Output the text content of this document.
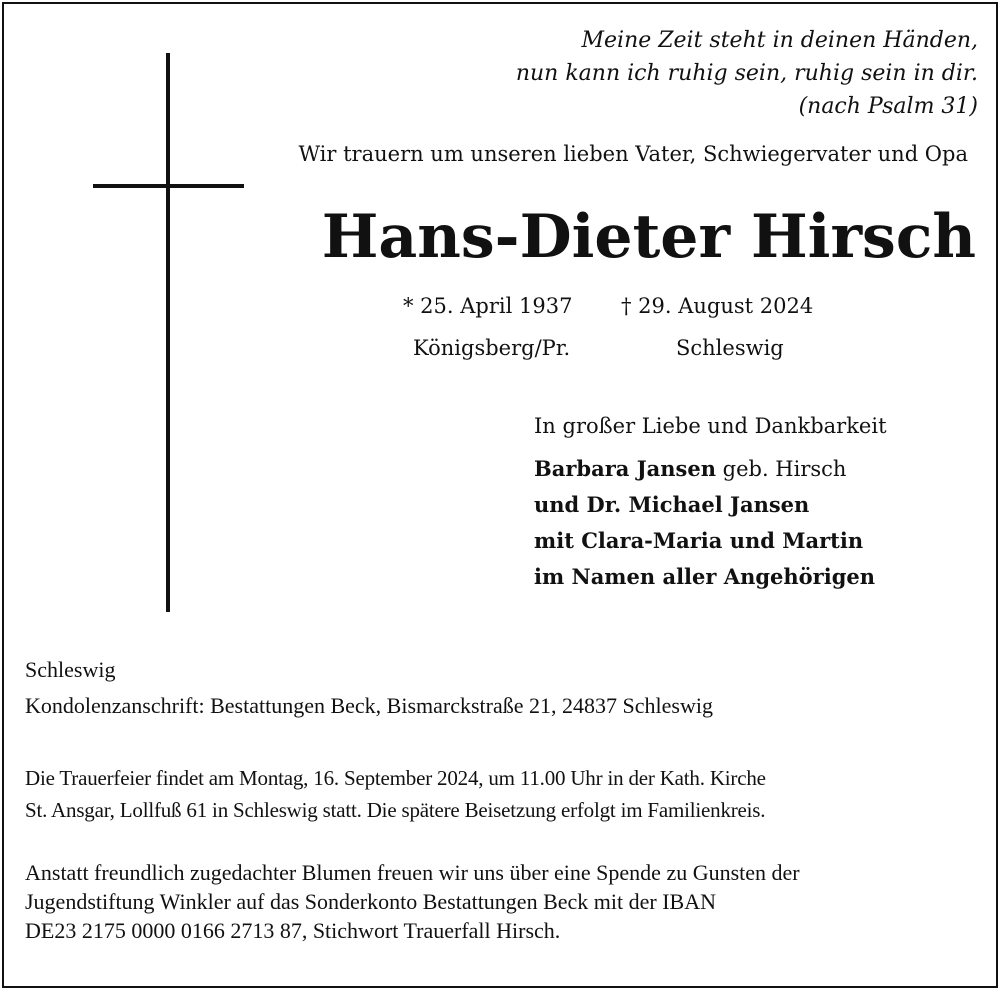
Meine Zeit steht in deinen Händen,
nun kann ich ruhig sein, ruhig sein in dir.
(nach Psalm 31)
Wir trauern um unseren lieben Vater, Schwiegervater und Opa
Hans-Dieter Hirsch
* 25. April 1937 † 29. August 2024
Königsberg/Pr.	Schleswig
In großer Liebe und Dankbarkeit
Barbara Jansen geb. Hirsch
und Dr. Michael Jansen
mit Clara-Maria und Martin
im Namen aller Angehörigen
Schleswig
Kondolenzanschrift: Bestattungen Beck, Bismarckstraße 21, 24837 Schleswig
Die Trauerfeier findet am Montag, 16. September 2024, um 11.00 Uhr in der Kath. Kirche
St. Ansgar, Lollfuß 61 in Schleswig statt. Die spätere Beisetzung erfolgt im Familienkreis.
Anstatt freundlich zugedachter Blumen freuen wir uns über eine Spende zu Gunsten der
Jugendstiftung Winkler auf das Sonderkonto Bestattungen Beck mit der IBAN
DE23 2175 0000 0166 2713 87, Stichwort Trauerfall Hirsch.
